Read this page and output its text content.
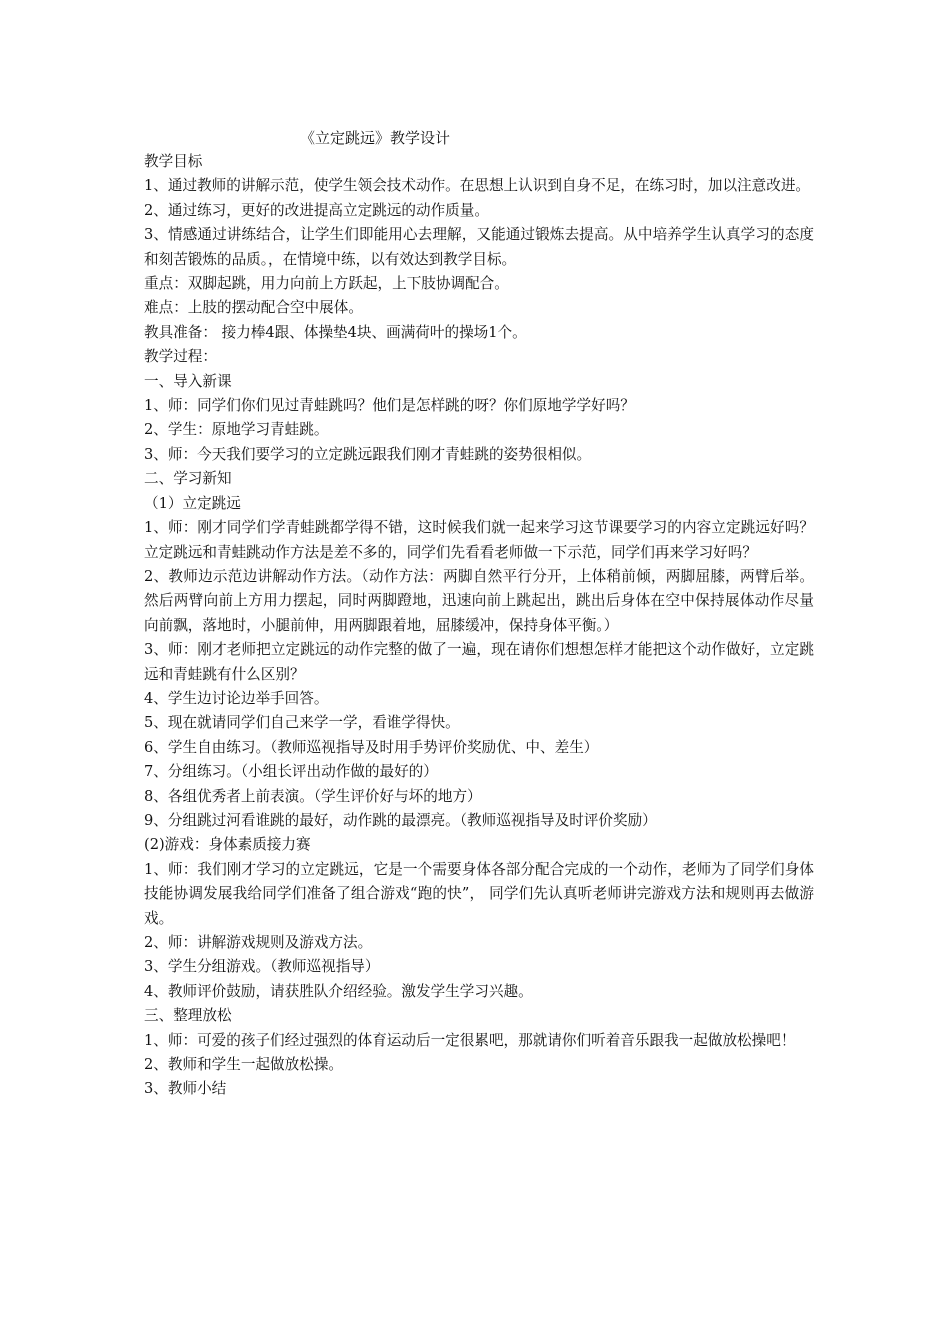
《立定跳远》教学设计

教学目标

1、通过教师的讲解示范，使学生领会技术动作。在思想上认识到自身不足，在练习时，加以注意改进。

2、通过练习，更好的改进提高立定跳远的动作质量。

3、情感通过讲练结合，让学生们即能用心去理解，又能通过锻炼去提高。从中培养学生认真学习的态度和刻苦锻炼的品质。，在情境中练，以有效达到教学目标。

重点：双脚起跳，用力向前上方跃起，上下肢协调配合。

难点：上肢的摆动配合空中展体。

教具准备： 接力棒4跟、体操垫4块、画满荷叶的操场1个。

教学过程：

一、导入新课

1、师：同学们你们见过青蛙跳吗？他们是怎样跳的呀？你们原地学学好吗？

2、学生：原地学习青蛙跳。

3、师：今天我们要学习的立定跳远跟我们刚才青蛙跳的姿势很相似。

二、学习新知

（1）立定跳远

1、师：刚才同学们学青蛙跳都学得不错，这时候我们就一起来学习这节课要学习的内容立定跳远好吗？立定跳远和青蛙跳动作方法是差不多的，同学们先看看老师做一下示范，同学们再来学习好吗？

2、教师边示范边讲解动作方法。（动作方法：两脚自然平行分开，上体稍前倾，两脚屈膝，两臂后举。然后两臂向前上方用力摆起，同时两脚蹬地，迅速向前上跳起出，跳出后身体在空中保持展体动作尽量向前飘，落地时，小腿前伸，用两脚跟着地，屈膝缓冲，保持身体平衡。）

3、师：刚才老师把立定跳远的动作完整的做了一遍，现在请你们想想怎样才能把这个动作做好，立定跳远和青蛙跳有什么区别？

4、学生边讨论边举手回答。

5、现在就请同学们自己来学一学，看谁学得快。

6、学生自由练习。（教师巡视指导及时用手势评价奖励优、中、差生）

7、分组练习。（小组长评出动作做的最好的）

8、各组优秀者上前表演。（学生评价好与坏的地方）

9、分组跳过河看谁跳的最好，动作跳的最漂亮。（教师巡视指导及时评价奖励）

(2)游戏：身体素质接力赛

1、师：我们刚才学习的立定跳远，它是一个需要身体各部分配合完成的一个动作，老师为了同学们身体技能协调发展我给同学们准备了组合游戏“跑的快”， 同学们先认真听老师讲完游戏方法和规则再去做游戏。

2、师：讲解游戏规则及游戏方法。

3、学生分组游戏。（教师巡视指导）

4、教师评价鼓励，请获胜队介绍经验。激发学生学习兴趣。

三、整理放松

1、师：可爱的孩子们经过强烈的体育运动后一定很累吧，那就请你们听着音乐跟我一起做放松操吧！

2、教师和学生一起做放松操。

3、教师小结
